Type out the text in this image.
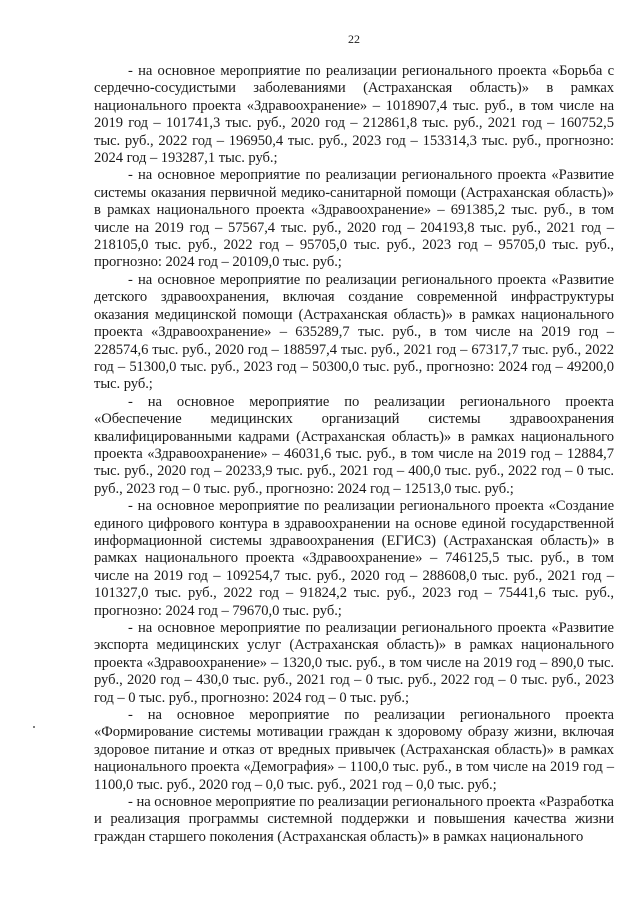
22

- на основное мероприятие по реализации регионального проекта «Борьба с сердечно-сосудистыми заболеваниями (Астраханская область)» в рамках национального проекта «Здравоохранение» – 1018907,4 тыс. руб., в том числе на 2019 год – 101741,3 тыс. руб., 2020 год – 212861,8 тыс. руб., 2021 год – 160752,5 тыс. руб., 2022 год – 196950,4 тыс. руб., 2023 год – 153314,3 тыс. руб., прогнозно: 2024 год – 193287,1 тыс. руб.;

- на основное мероприятие по реализации регионального проекта «Развитие системы оказания первичной медико-санитарной помощи (Астраханская область)» в рамках национального проекта «Здравоохранение» – 691385,2 тыс. руб., в том числе на 2019 год – 57567,4 тыс. руб., 2020 год – 204193,8 тыс. руб., 2021 год – 218105,0 тыс. руб., 2022 год – 95705,0 тыс. руб., 2023 год – 95705,0 тыс. руб., прогнозно: 2024 год – 20109,0 тыс. руб.;

- на основное мероприятие по реализации регионального проекта «Развитие детского здравоохранения, включая создание современной инфраструктуры оказания медицинской помощи (Астраханская область)» в рамках национального проекта «Здравоохранение» – 635289,7 тыс. руб., в том числе на 2019 год – 228574,6 тыс. руб., 2020 год – 188597,4 тыс. руб., 2021 год – 67317,7 тыс. руб., 2022 год – 51300,0 тыс. руб., 2023 год – 50300,0 тыс. руб., прогнозно: 2024 год – 49200,0 тыс. руб.;

- на основное мероприятие по реализации регионального проекта «Обеспечение медицинских организаций системы здравоохранения квалифицированными кадрами (Астраханская область)» в рамках национального проекта «Здравоохранение» – 46031,6 тыс. руб., в том числе на 2019 год – 12884,7 тыс. руб., 2020 год – 20233,9 тыс. руб., 2021 год – 400,0 тыс. руб., 2022 год – 0 тыс. руб., 2023 год – 0 тыс. руб., прогнозно: 2024 год – 12513,0 тыс. руб.;

- на основное мероприятие по реализации регионального проекта «Создание единого цифрового контура в здравоохранении на основе единой государственной информационной системы здравоохранения (ЕГИСЗ) (Астраханская область)» в рамках национального проекта «Здравоохранение» – 746125,5 тыс. руб., в том числе на 2019 год – 109254,7 тыс. руб., 2020 год – 288608,0 тыс. руб., 2021 год – 101327,0 тыс. руб., 2022 год – 91824,2 тыс. руб., 2023 год – 75441,6 тыс. руб., прогнозно: 2024 год – 79670,0 тыс. руб.;

- на основное мероприятие по реализации регионального проекта «Развитие экспорта медицинских услуг (Астраханская область)» в рамках национального проекта «Здравоохранение» – 1320,0 тыс. руб., в том числе на 2019 год – 890,0 тыс. руб., 2020 год – 430,0 тыс. руб., 2021 год – 0 тыс. руб., 2022 год – 0 тыс. руб., 2023 год – 0 тыс. руб., прогнозно: 2024 год – 0 тыс. руб.;

- на основное мероприятие по реализации регионального проекта «Формирование системы мотивации граждан к здоровому образу жизни, включая здоровое питание и отказ от вредных привычек (Астраханская область)» в рамках национального проекта «Демография» – 1100,0 тыс. руб., в том числе на 2019 год – 1100,0 тыс. руб., 2020 год – 0,0 тыс. руб., 2021 год – 0,0 тыс. руб.;

- на основное мероприятие по реализации регионального проекта «Разработка и реализация программы системной поддержки и повышения качества жизни граждан старшего поколения (Астраханская область)» в рамках национального
